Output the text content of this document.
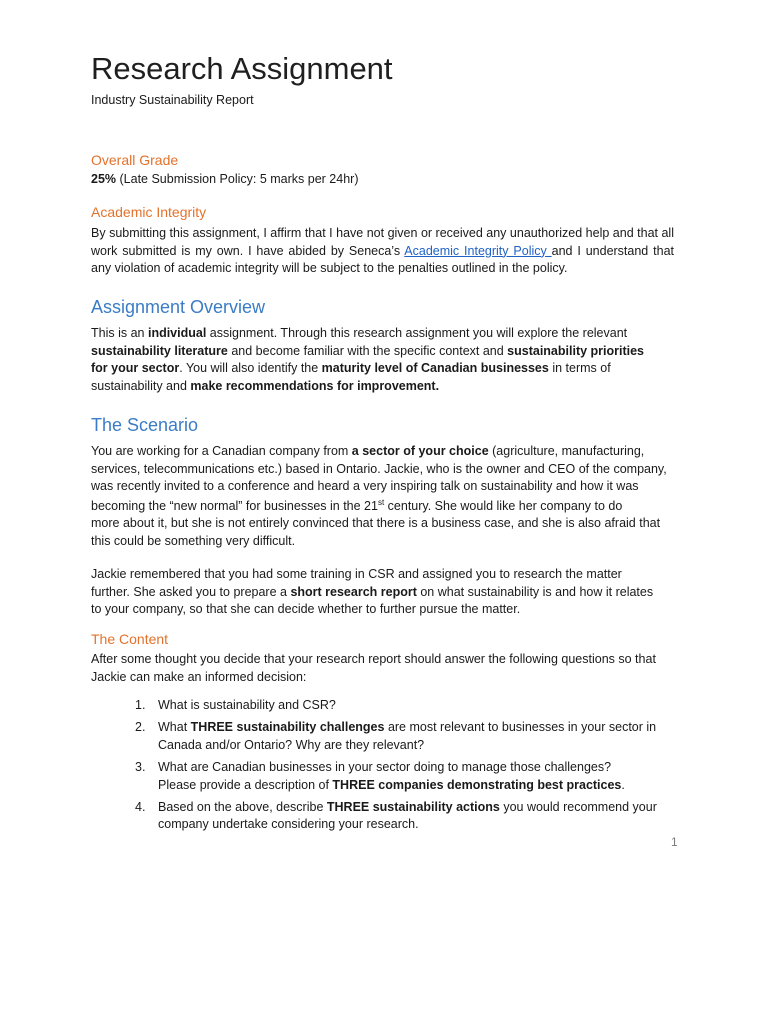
Research Assignment
Industry Sustainability Report
Overall Grade

25% (Late Submission Policy: 5 marks per 24hr)

Academic Integrity

By submitting this assignment, I affirm that I have not given or received any unauthorized help and that all work submitted is my own. I have abided by Seneca’s Academic Integrity Policy and I understand that any violation of academic integrity will be subject to the penalties outlined in the policy.

Assignment Overview

This is an individual assignment. Through this research assignment you will explore the relevant
sustainability literature and become familiar with the specific context and sustainability priorities
for your sector. You will also identify the maturity level of Canadian businesses in terms of
sustainability and make recommendations for improvement.

The Scenario

You are working for a Canadian company from a sector of your choice (agriculture, manufacturing,
services, telecommunications etc.) based in Ontario. Jackie, who is the owner and CEO of the company,
was recently invited to a conference and heard a very inspiring talk on sustainability and how it was
becoming the “new normal” for businesses in the 21st century. She would like her company to do
more about it, but she is not entirely convinced that there is a business case, and she is also afraid that
this could be something very difficult.

Jackie remembered that you had some training in CSR and assigned you to research the matter
further. She asked you to prepare a short research report on what sustainability is and how it relates
to your company, so that she can decide whether to further pursue the matter.

The Content

After some thought you decide that your research report should answer the following questions so that
Jackie can make an informed decision:

1. What is sustainability and CSR?
2. What THREE sustainability challenges are most relevant to businesses in your sector in
Canada and/or Ontario? Why are they relevant?
3. What are Canadian businesses in your sector doing to manage those challenges?
Please provide a description of THREE companies demonstrating best practices.
4. Based on the above, describe THREE sustainability actions you would recommend your
company undertake considering your research.
1
